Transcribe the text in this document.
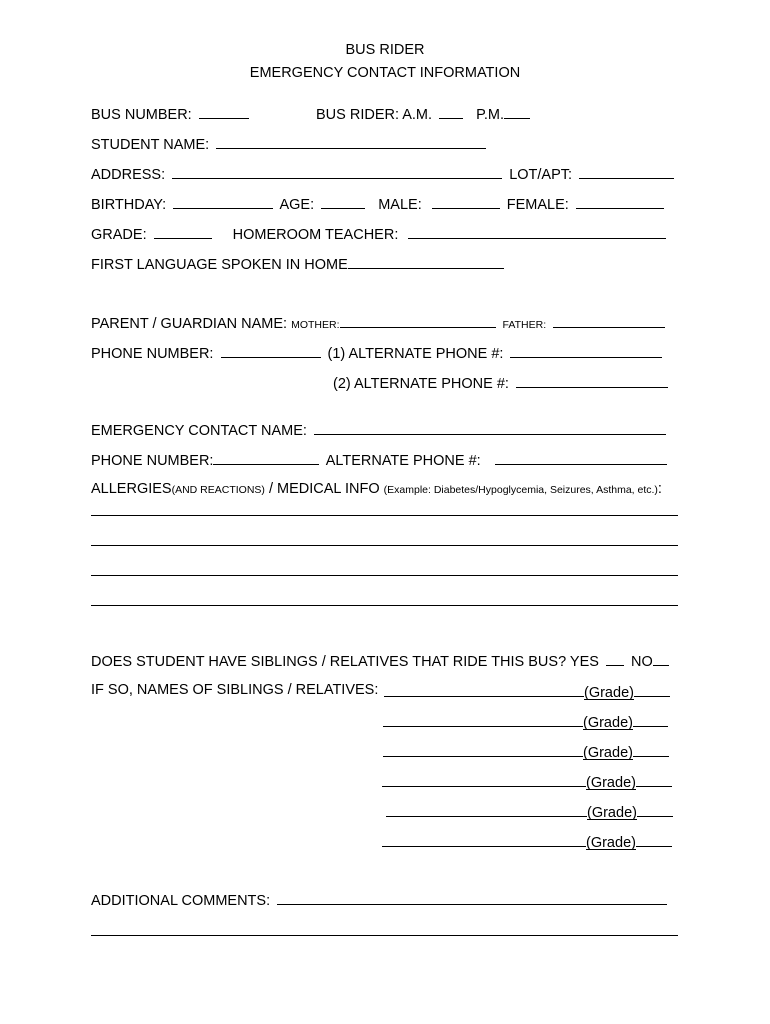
BUS RIDER
EMERGENCY CONTACT INFORMATION
BUS NUMBER:	BUS RIDER: A.M.	P.M.
STUDENT NAME:
ADDRESS:	LOT/APT:
BIRTHDAY:	AGE:	MALE:	FEMALE:
GRADE:	HOMEROOM TEACHER:
FIRST LANGUAGE SPOKEN IN HOME
PARENT / GUARDIAN NAME: MOTHER:	FATHER:
PHONE NUMBER:	(1) ALTERNATE PHONE #:
(2) ALTERNATE PHONE #:
EMERGENCY CONTACT NAME:
PHONE NUMBER:	ALTERNATE PHONE #:
ALLERGIES(AND REACTIONS) / MEDICAL INFO (Example: Diabetes/Hypoglycemia, Seizures, Asthma, etc.):
DOES STUDENT HAVE SIBLINGS / RELATIVES THAT RIDE THIS BUS? YES NO
IF SO, NAMES OF SIBLINGS / RELATIVES:	(Grade)
(Grade)
(Grade)
(Grade)
(Grade)
(Grade)
ADDITIONAL COMMENTS:
